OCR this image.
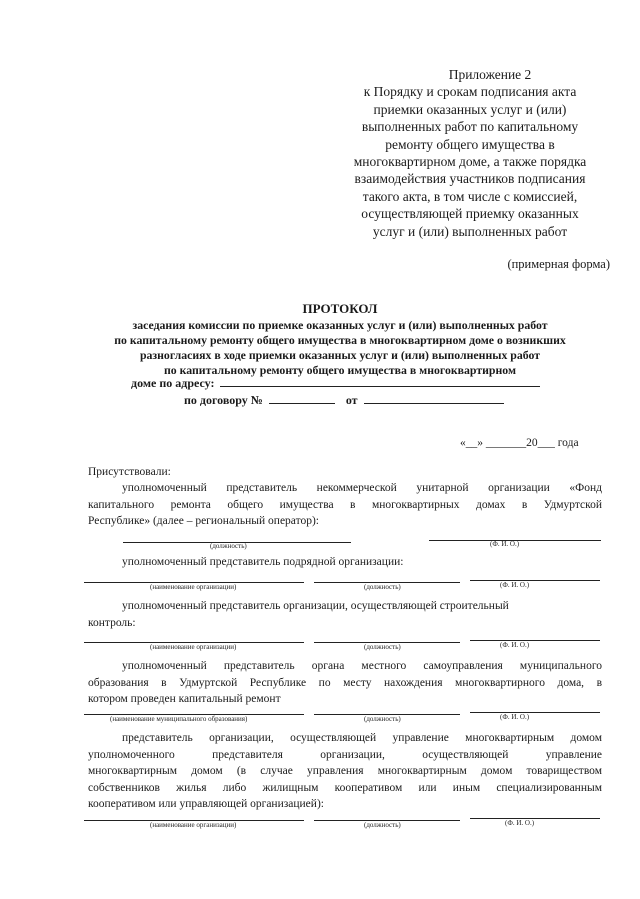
Приложение 2
к Порядку и срокам подписания акта
приемки оказанных услуг и (или)
выполненных работ по капитальному
ремонту общего имущества в
многоквартирном доме, а также порядка
взаимодействия участников подписания
такого акта, в том числе с комиссией,
осуществляющей приемку оказанных
услуг и (или) выполненных работ
(примерная форма)
ПРОТОКОЛ
заседания комиссии по приемке оказанных услуг и (или) выполненных работ
по капитальному ремонту общего имущества в многоквартирном доме о возникших
разногласиях в ходе приемки оказанных услуг и (или) выполненных работ
по капитальному ремонту общего имущества в многоквартирном
доме по адресу:
по договору №	от
«__» _______20___ года
Присутствовали:
уполномоченный представитель некоммерческой унитарной организации «Фонд
капитального ремонта общего имущества в многоквартирных домах в Удмуртской
Республике» (далее – региональный оператор):
(должность)	(Ф. И. О.)
уполномоченный представитель подрядной организации:
(наименование организации)	(должность)	(Ф. И. О.)
уполномоченный представитель организации, осуществляющей строительный
контроль:
(наименование организации)	(должность)	(Ф. И. О.)
уполномоченный представитель органа местного самоуправления муниципального
образования в Удмуртской Республике по месту нахождения многоквартирного дома, в
котором проведен капитальный ремонт
(наименование муниципального образования)	(должность)	(Ф. И. О.)
представитель организации, осуществляющей управление многоквартирным домом
уполномоченного представителя организации, осуществляющей управление
многоквартирным домом (в случае управления многоквартирным домом товариществом
собственников жилья либо жилищным кооперативом или иным специализированным
кооперативом или управляющей организацией):
(наименование организации)	(должность)	(Ф. И. О.)
